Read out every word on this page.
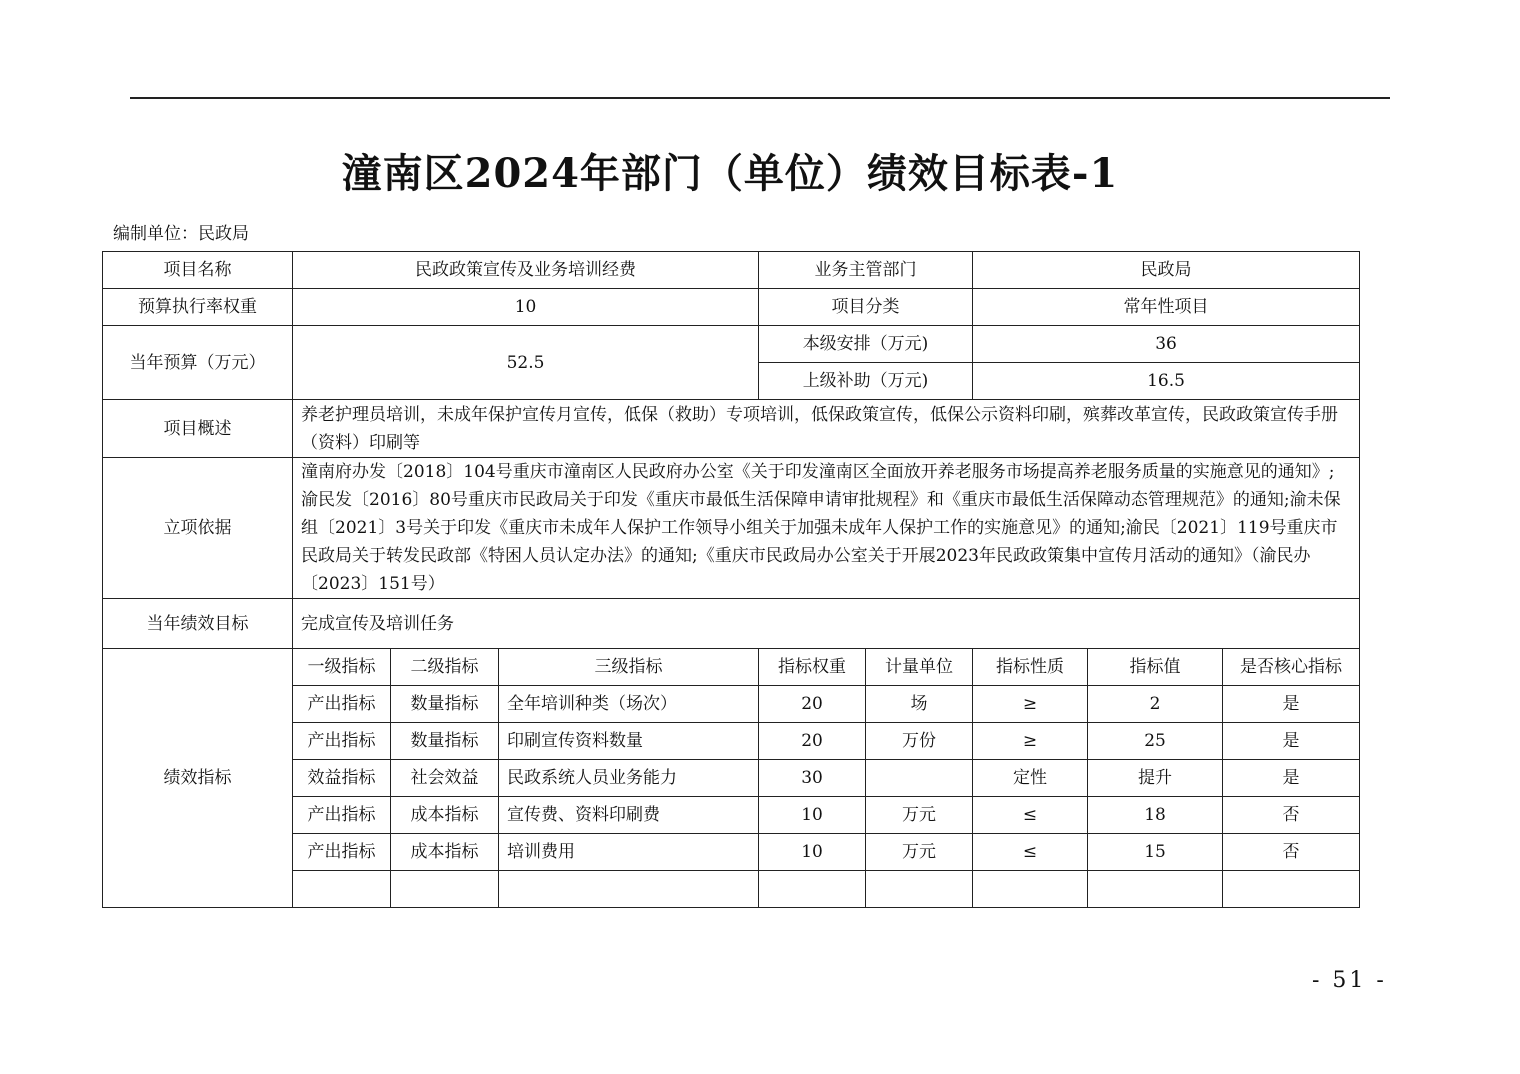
潼南区2024年部门（单位）绩效目标表-1
编制单位：民政局
项目名称	民政政策宣传及业务培训经费			业务主管部门		民政局		
预算执行率权重	10			项目分类		常年性项目		
当年预算（万元）	52.5			本级安排（万元)		36		
				上级补助（万元)		16.5		
项目概述	养老护理员培训，未成年保护宣传月宣传，低保（救助）专项培训，低保政策宣传，低保公示资料印刷，殡葬改革宣传，民政政策宣传手册（资料）印刷等							
立项依据	潼南府办发〔2018〕104号重庆市潼南区人民政府办公室《关于印发潼南区全面放开养老服务市场提高养老服务质量的实施意见的通知》;渝民发〔2016〕80号重庆市民政局关于印发《重庆市最低生活保障申请审批规程》和《重庆市最低生活保障动态管理规范》的通知;渝未保组〔2021〕3号关于印发《重庆市未成年人保护工作领导小组关于加强未成年人保护工作的实施意见》的通知;渝民〔2021〕119号重庆市民政局关于转发民政部《特困人员认定办法》的通知;《重庆市民政局办公室关于开展2023年民政政策集中宣传月活动的通知》（渝民办〔2023〕151号）							
当年绩效目标	完成宣传及培训任务							
绩效指标	一级指标	二级指标	三级指标	指标权重	计量单位	指标性质	指标值	是否核心指标
	产出指标	数量指标	全年培训种类（场次）	20	场	≥	2	是
	产出指标	数量指标	印刷宣传资料数量	20	万份	≥	25	是
	效益指标	社会效益	民政系统人员业务能力	30		定性	提升	是
	产出指标	成本指标	宣传费、资料印刷费	10	万元	≤	18	否
	产出指标	成本指标	培训费用	10	万元	≤	15	否

- 51 -
